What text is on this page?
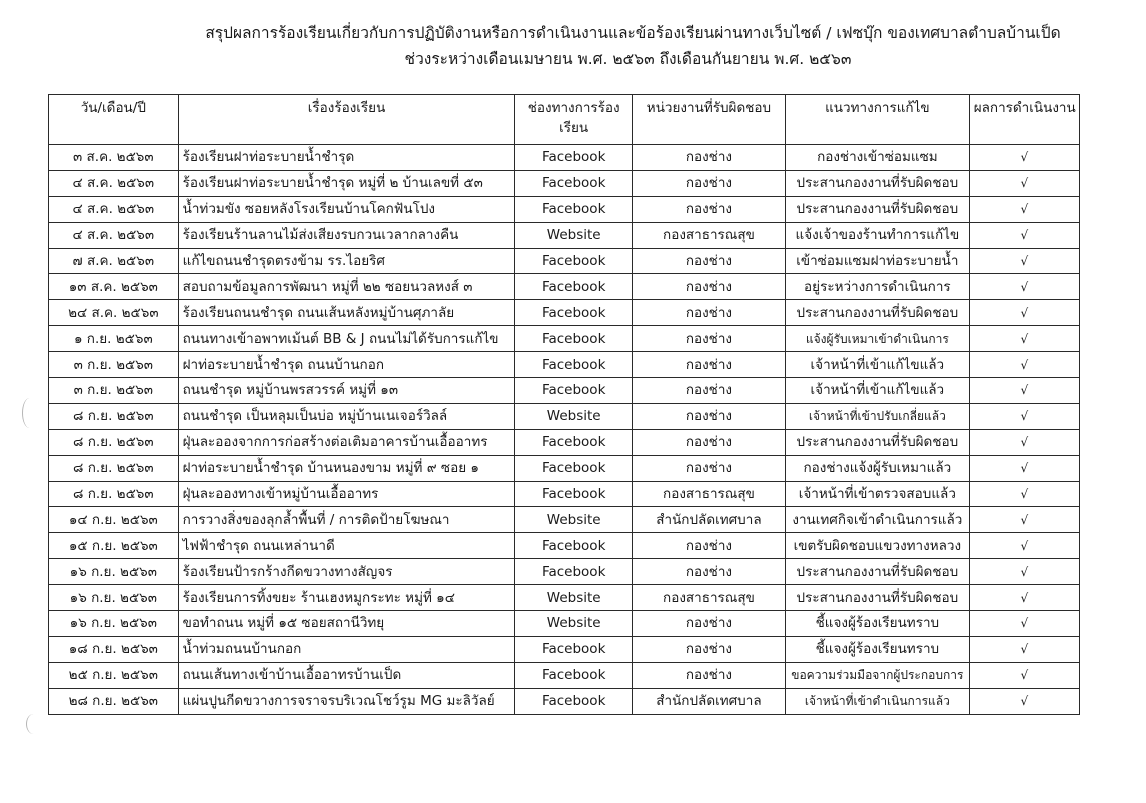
สรุปผลการร้องเรียนเกี่ยวกับการปฏิบัติงานหรือการดำเนินงานและข้อร้องเรียนผ่านทางเว็บไซต์ / เฟซบุ๊ก ของเทศบาลตำบลบ้านเป็ด
ช่วงระหว่างเดือนเมษายน พ.ศ. ๒๕๖๓ ถึงเดือนกันยายน พ.ศ. ๒๕๖๓
วัน/เดือน/ปี	เรื่องร้องเรียน	ช่องทางการร้องเรียน	หน่วยงานที่รับผิดชอบ	แนวทางการแก้ไข	ผลการดำเนินงาน
๓ ส.ค. ๒๕๖๓	ร้องเรียนฝาท่อระบายน้ำชำรุด	Facebook	กองช่าง	กองช่างเข้าซ่อมแซม	√
๔ ส.ค. ๒๕๖๓	ร้องเรียนฝาท่อระบายน้ำชำรุด หมู่ที่ ๒ บ้านเลขที่ ๕๓	Facebook	กองช่าง	ประสานกองงานที่รับผิดชอบ	√
๔ ส.ค. ๒๕๖๓	น้ำท่วมขัง ซอยหลังโรงเรียนบ้านโคกฟันโปง	Facebook	กองช่าง	ประสานกองงานที่รับผิดชอบ	√
๔ ส.ค. ๒๕๖๓	ร้องเรียนร้านลานไม้ส่งเสียงรบกวนเวลากลางคืน	Website	กองสาธารณสุข	แจ้งเจ้าของร้านทำการแก้ไข	√
๗ ส.ค. ๒๕๖๓	แก้ไขถนนชำรุดตรงข้าม รร.ไอยริศ	Facebook	กองช่าง	เข้าซ่อมแซมฝาท่อระบายน้ำ	√
๑๓ ส.ค. ๒๕๖๓	สอบถามข้อมูลการพัฒนา หมู่ที่ ๒๒ ซอยนวลหงส์ ๓	Facebook	กองช่าง	อยู่ระหว่างการดำเนินการ	√
๒๔ ส.ค. ๒๕๖๓	ร้องเรียนถนนชำรุด ถนนเส้นหลังหมู่บ้านศุภาลัย	Facebook	กองช่าง	ประสานกองงานที่รับผิดชอบ	√
๑ ก.ย. ๒๕๖๓	ถนนทางเข้าอพาทเม้นต์ BB & J ถนนไม่ได้รับการแก้ไข	Facebook	กองช่าง	แจ้งผู้รับเหมาเข้าดำเนินการ	√
๓ ก.ย. ๒๕๖๓	ฝาท่อระบายน้ำชำรุด ถนนบ้านกอก	Facebook	กองช่าง	เจ้าหน้าที่เข้าแก้ไขแล้ว	√
๓ ก.ย. ๒๕๖๓	ถนนชำรุด หมู่บ้านพรสวรรค์ หมู่ที่ ๑๓	Facebook	กองช่าง	เจ้าหน้าที่เข้าแก้ไขแล้ว	√
๘ ก.ย. ๒๕๖๓	ถนนชำรุด เป็นหลุมเป็นบ่อ หมู่บ้านเนเจอร์วิลล์	Website	กองช่าง	เจ้าหน้าที่เข้าปรับเกลี่ยแล้ว	√
๘ ก.ย. ๒๕๖๓	ฝุ่นละอองจากการก่อสร้างต่อเติมอาคารบ้านเอื้ออาทร	Facebook	กองช่าง	ประสานกองงานที่รับผิดชอบ	√
๘ ก.ย. ๒๕๖๓	ฝาท่อระบายน้ำชำรุด บ้านหนองขาม หมู่ที่ ๙ ซอย ๑	Facebook	กองช่าง	กองช่างแจ้งผู้รับเหมาแล้ว	√
๘ ก.ย. ๒๕๖๓	ฝุ่นละอองทางเข้าหมู่บ้านเอื้ออาทร	Facebook	กองสาธารณสุข	เจ้าหน้าที่เข้าตรวจสอบแล้ว	√
๑๔ ก.ย. ๒๕๖๓	การวางสิ่งของลุกล้ำพื้นที่ / การติดป้ายโฆษณา	Website	สำนักปลัดเทศบาล	งานเทศกิจเข้าดำเนินการแล้ว	√
๑๕ ก.ย. ๒๕๖๓	ไฟฟ้าชำรุด ถนนเหล่านาดี	Facebook	กองช่าง	เขตรับผิดชอบแขวงทางหลวง	√
๑๖ ก.ย. ๒๕๖๓	ร้องเรียนป้ารกร้างกีดขวางทางสัญจร	Facebook	กองช่าง	ประสานกองงานที่รับผิดชอบ	√
๑๖ ก.ย. ๒๕๖๓	ร้องเรียนการทิ้งขยะ ร้านเฮงหมูกระทะ หมู่ที่ ๑๔	Website	กองสาธารณสุข	ประสานกองงานที่รับผิดชอบ	√
๑๖ ก.ย. ๒๕๖๓	ขอทำถนน หมู่ที่ ๑๕ ซอยสถานีวิทยุ	Website	กองช่าง	ชี้แจงผู้ร้องเรียนทราบ	√
๑๘ ก.ย. ๒๕๖๓	น้ำท่วมถนนบ้านกอก	Facebook	กองช่าง	ชี้แจงผู้ร้องเรียนทราบ	√
๒๕ ก.ย. ๒๕๖๓	ถนนเส้นทางเข้าบ้านเอื้ออาทรบ้านเป็ด	Facebook	กองช่าง	ขอความร่วมมือจากผู้ประกอบการ	√
๒๘ ก.ย. ๒๕๖๓	แผ่นปูนกีดขวางการจราจรบริเวณโชว์รูม MG มะลิวัลย์	Facebook	สำนักปลัดเทศบาล	เจ้าหน้าที่เข้าดำเนินการแล้ว	√
